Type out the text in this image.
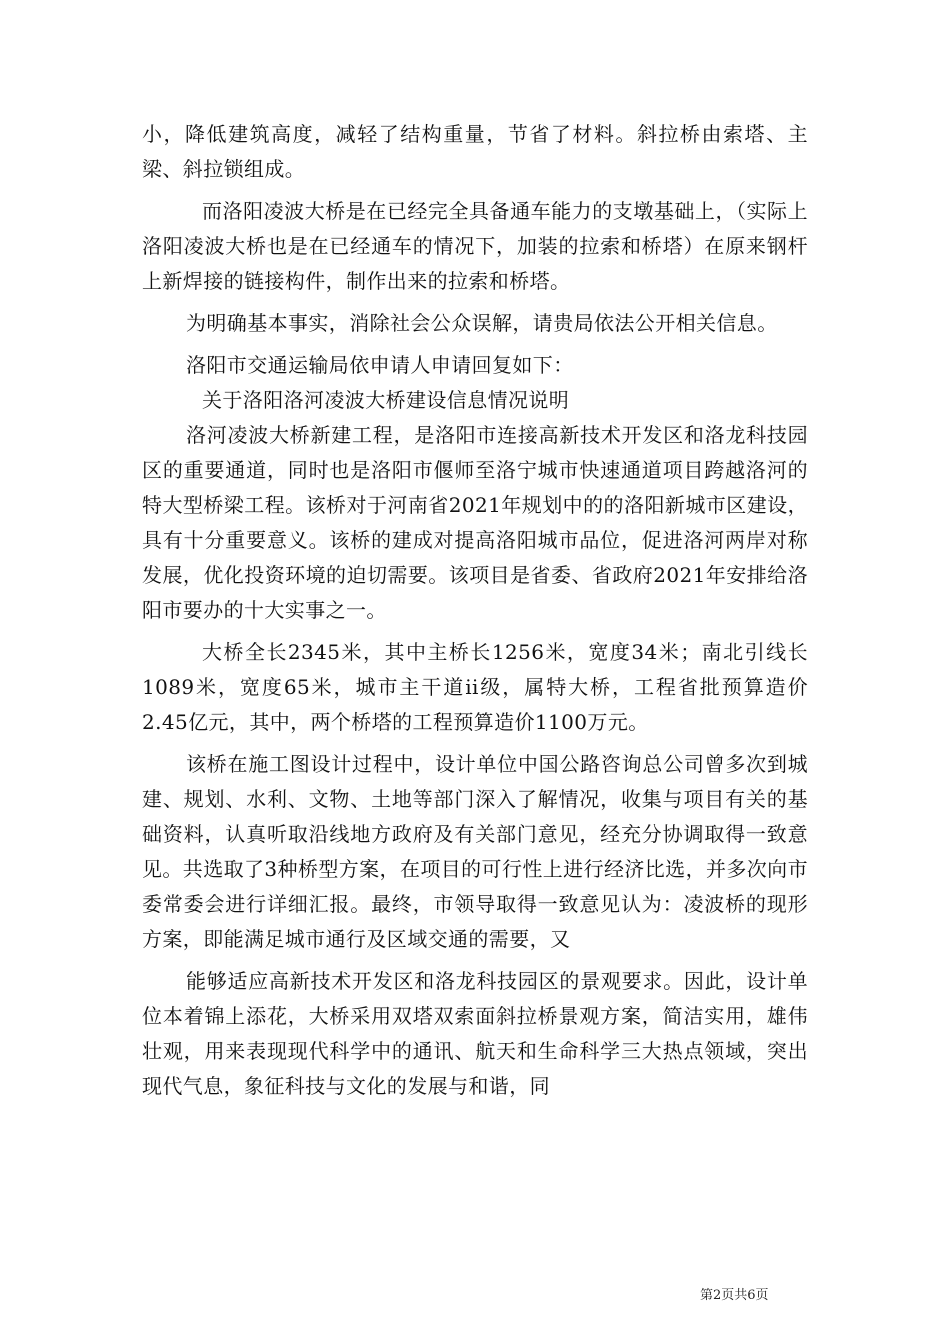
小，降低建筑高度，减轻了结构重量，节省了材料。斜拉桥由索塔、主梁、斜拉锁组成。

而洛阳凌波大桥是在已经完全具备通车能力的支墩基础上，（实际上洛阳凌波大桥也是在已经通车的情况下，加装的拉索和桥塔）在原来钢杆上新焊接的链接构件，制作出来的拉索和桥塔。

为明确基本事实，消除社会公众误解，请贵局依法公开相关信息。

洛阳市交通运输局依申请人申请回复如下：

关于洛阳洛河凌波大桥建设信息情况说明

洛河凌波大桥新建工程，是洛阳市连接高新技术开发区和洛龙科技园区的重要通道，同时也是洛阳市偃师至洛宁城市快速通道项目跨越洛河的特大型桥梁工程。该桥对于河南省2021年规划中的的洛阳新城市区建设，具有十分重要意义。该桥的建成对提高洛阳城市品位，促进洛河两岸对称发展，优化投资环境的迫切需要。该项目是省委、省政府2021年安排给洛阳市要办的十大实事之一。

大桥全长2345米，其中主桥长1256米，宽度34米；南北引线长1089米，宽度65米，城市主干道ii级，属特大桥，工程省批预算造价2.45亿元，其中，两个桥塔的工程预算造价1100万元。

该桥在施工图设计过程中，设计单位中国公路咨询总公司曾多次到城建、规划、水利、文物、土地等部门深入了解情况，收集与项目有关的基础资料，认真听取沿线地方政府及有关部门意见，经充分协调取得一致意见。共选取了3种桥型方案，在项目的可行性上进行经济比选，并多次向市委常委会进行详细汇报。最终，市领导取得一致意见认为：凌波桥的现形方案，即能满足城市通行及区域交通的需要，又

能够适应高新技术开发区和洛龙科技园区的景观要求。因此，设计单位本着锦上添花，大桥采用双塔双索面斜拉桥景观方案，简洁实用，雄伟壮观，用来表现现代科学中的通讯、航天和生命科学三大热点领域，突出现代气息，象征科技与文化的发展与和谐，同

第2页共6页
